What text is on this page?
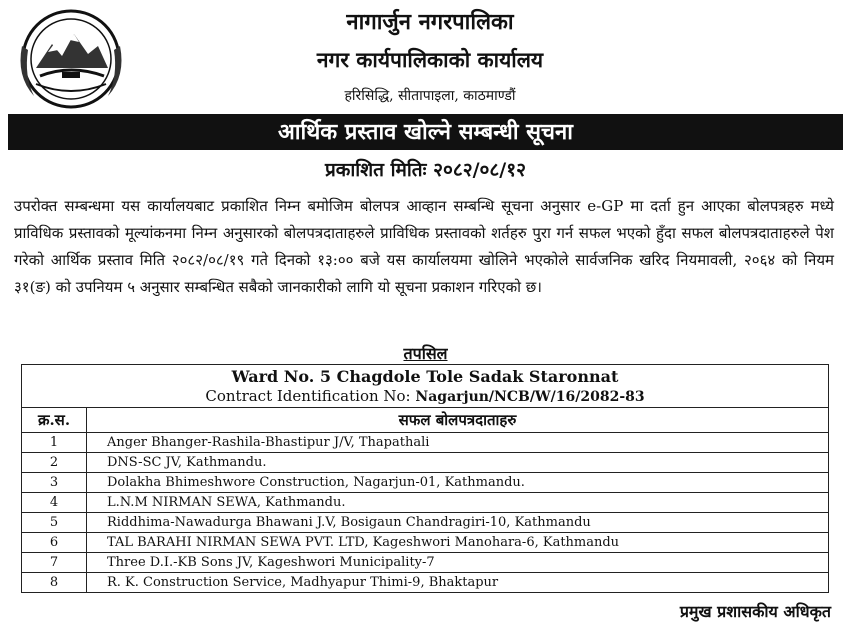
नागार्जुन नगरपालिका
नगर कार्यपालिकाको कार्यालय
हरिसिद्धि, सीतापाइला, काठमाण्डौं
आर्थिक प्रस्ताव खोल्ने सम्बन्धी सूचना
प्रकाशित मितिः २०८२/०८/१२
उपरोक्त सम्बन्धमा यस कार्यालयबाट प्रकाशित निम्न बमोजिम बोलपत्र आव्हान सम्बन्धि सूचना अनुसार e-GP मा दर्ता हुन आएका बोलपत्रहरु मध्ये प्राविधिक प्रस्तावको मूल्यांकनमा निम्न अनुसारको बोलपत्रदाताहरुले प्राविधिक प्रस्तावको शर्तहरु पुरा गर्न सफल भएको हुँदा सफल बोलपत्रदाताहरुले पेश गरेको आर्थिक प्रस्ताव मिति २०८२/०८/१९ गते दिनको १३:०० बजे यस कार्यालयमा खोलिने भएकोले सार्वजनिक खरिद नियमावली, २०६४ को नियम ३१(ङ) को उपनियम ५ अनुसार सम्बन्धित सबैको जानकारीको लागि यो सूचना प्रकाशन गरिएको छ।
तपसिल
Ward No. 5 Chagdole Tole Sadak Staronnat
Contract Identification No: Nagarjun/NCB/W/16/2082-83
क्र.स.	सफल बोलपत्रदाताहरु
1	Anger Bhanger-Rashila-Bhastipur J/V, Thapathali
2	DNS-SC JV, Kathmandu.
3	Dolakha Bhimeshwore Construction, Nagarjun-01, Kathmandu.
4	L.N.M NIRMAN SEWA, Kathmandu.
5	Riddhima-Nawadurga Bhawani J.V, Bosigaun Chandragiri-10, Kathmandu
6	TAL BARAHI NIRMAN SEWA PVT. LTD, Kageshwori Manohara-6, Kathmandu
7	Three D.I.-KB Sons JV, Kageshwori Municipality-7
8	R. K. Construction Service, Madhyapur Thimi-9, Bhaktapur
प्रमुख प्रशासकीय अधिकृत
